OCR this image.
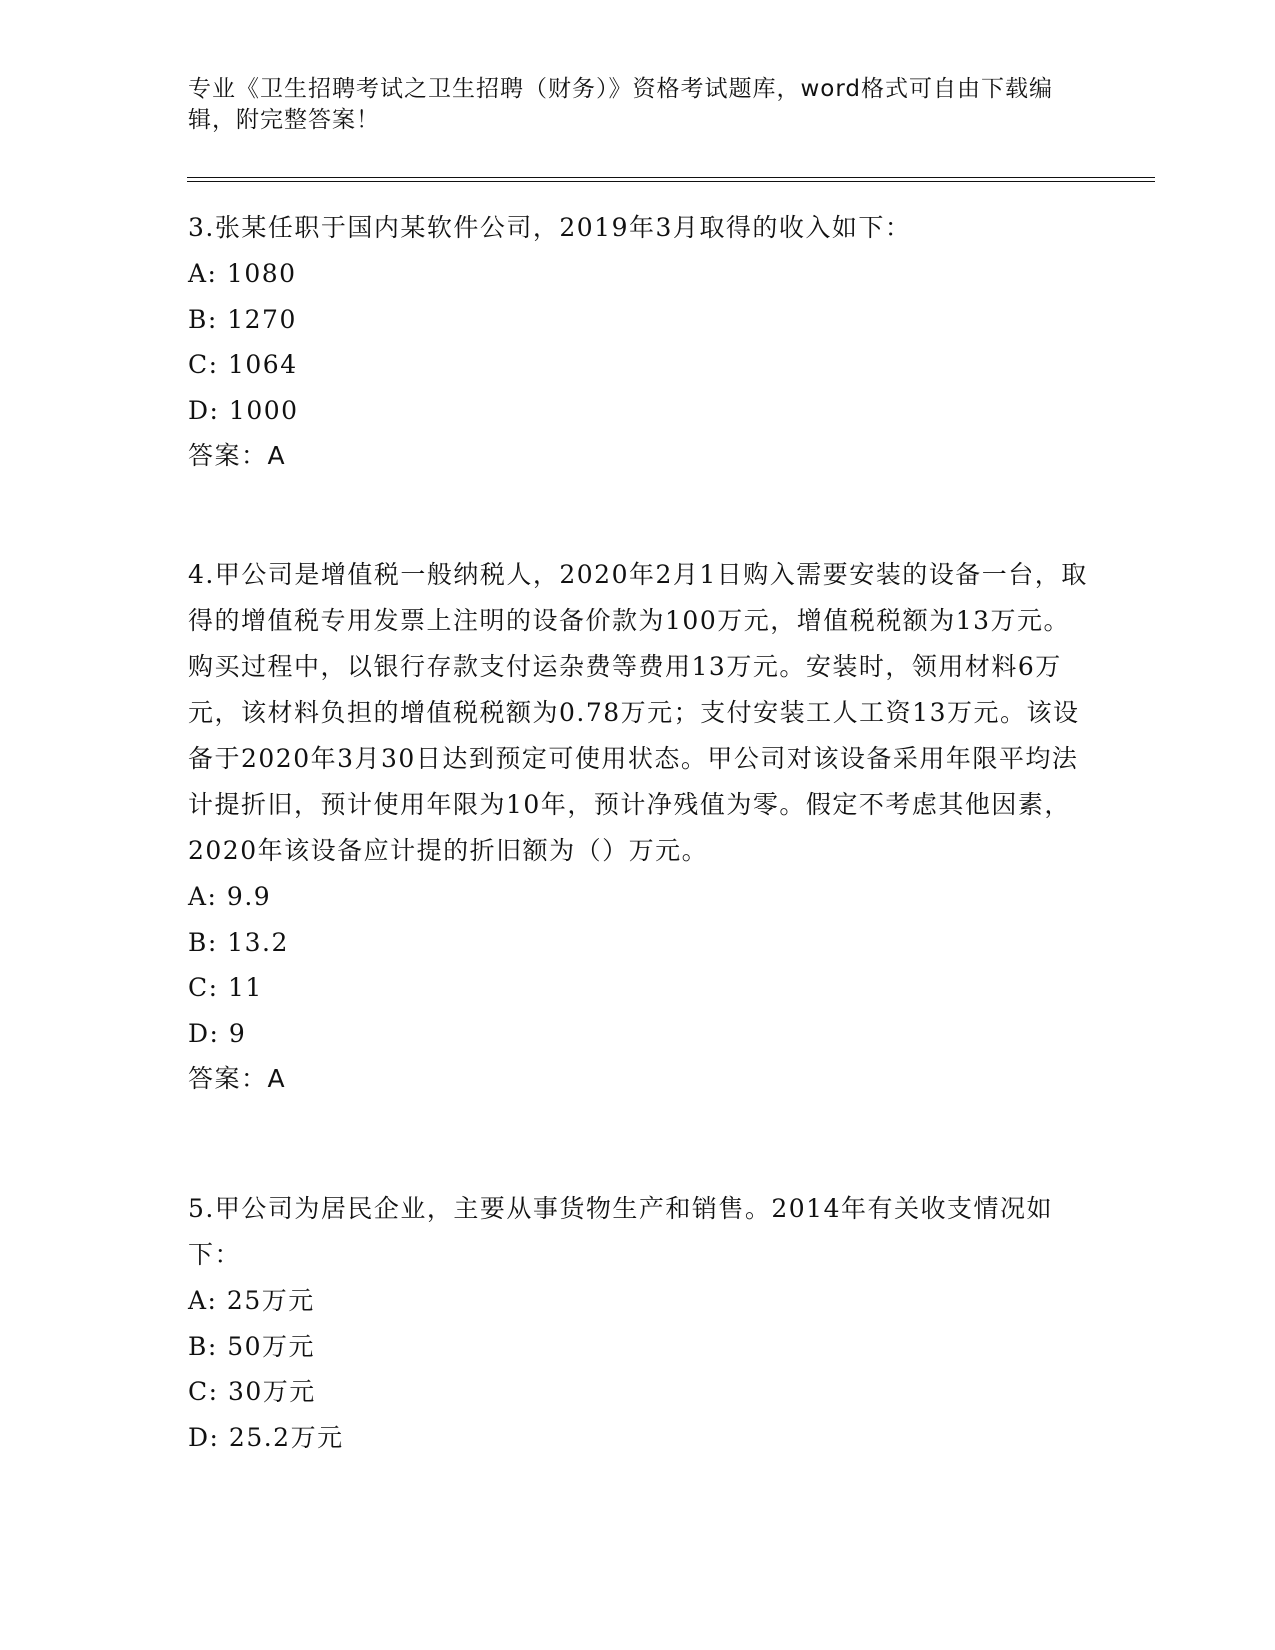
专业《卫生招聘考试之卫生招聘（财务）》资格考试题库，word格式可自由下载编辑，附完整答案！

3.张某任职于国内某软件公司，2019年3月取得的收入如下：

A: 1080

B: 1270

C: 1064

D: 1000

答案：A

4.甲公司是增值税一般纳税人，2020年2月1日购入需要安装的设备一台，取得的增值税专用发票上注明的设备价款为100万元，增值税税额为13万元。购买过程中，以银行存款支付运杂费等费用13万元。安装时，领用材料6万元，该材料负担的增值税税额为0.78万元；支付安装工人工资13万元。该设备于2020年3月30日达到预定可使用状态。甲公司对该设备采用年限平均法计提折旧，预计使用年限为10年，预计净残值为零。假定不考虑其他因素，2020年该设备应计提的折旧额为（）万元。

A: 9.9

B: 13.2

C: 11

D: 9

答案：A

5.甲公司为居民企业，主要从事货物生产和销售。2014年有关收支情况如下：

A: 25万元

B: 50万元

C: 30万元

D: 25.2万元
